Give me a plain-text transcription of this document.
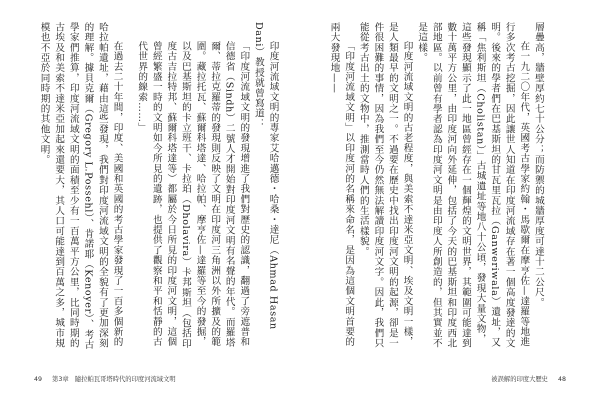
層疊高，牆壁厚約七十公分；而防禦的城牆厚度可達十二公尺。

在一九二〇年代，英國考古學家約翰・馬歇爾在摩亨佐—達羅等地進行多次考古挖掘，因此讓世人知道在印度河流域存在著一個高度發達的文明。後來的學者們在巴基斯坦的甘瓦里瓦拉（Ganweriwala）遺址，又稱「焦利斯坦（Cholistan）」古城遺址等地八十公頃，發現大量文物，這些發現顯示了此一地區曾經存在一個輝煌的文明世界，其範圍可能達到數十萬平方公里，由印度河向外延伸，包括了今天的巴基斯坦和印度西北部地區。以前曾有學者認為印度河文明是由印度人所創造的，但其實並不是這樣。

印度河流域文明的古老程度，與美索不達米亞文明、埃及文明一樣，是人類最早的文明之一。不過要在歷史中找出印度河文明的起源，卻是一件很困難的事情，因為我們至今仍然無法解讀印度河文字。因此，我們只能從考古出土的文物中，推測當時人們的生活樣貌。

「印度河流域文明」以印度河的名稱來命名，是因為這個文明首要的兩大發現地——

印度河流域文明的專家艾哈邁德・哈桑・達尼（Ahmad Hasan Dani）教授就曾寫道：

「印度河流域文明的發現增進了我們對歷史的認識，翻過了旁遮普和信德省（Sindh）二號人才開始對印度河文明有名聲的年代。而羅塔爾、蒂拉克羅蒂的發現則反映了文明在印度河三角洲以外所擴及的範圍。藏拉托瓦、蘇爾科塔達、哈拉帕、摩亨佐—達羅等至今的發掘，以及巴基斯坦的卡立班干、卡拉珀（Dholavira）卡邦斯坦（包括印度古吉拉特邦、蘇爾科塔達等）都屬於今日所見的印度河文明，這個曾經繁盛一時的文明如今所見的遺跡，也提供了觀察和平和恬靜的古代世界的線索……」

在過去二十年間，印度、美國和英國的考古學家發現了一百多個新的哈拉帕遺址，藉由這些發現，我們對印度河流域文明的全貌有了更加深刻的理解。據貝克爾（Gregory L.Possehl）、肯諾耶（Kenoyer）、考古學家們推算，印度河流域文明的面積至少有一百萬平方公里，比同時期的古埃及和美索不達米亞加起來還要大，其人口可能達到百萬之多，城市規模也不亞於同時期的其他文明。

49 第3章　隨拉帕瓦哥塔時代的印度河流域文明	被誤解的印度大歷史 48
